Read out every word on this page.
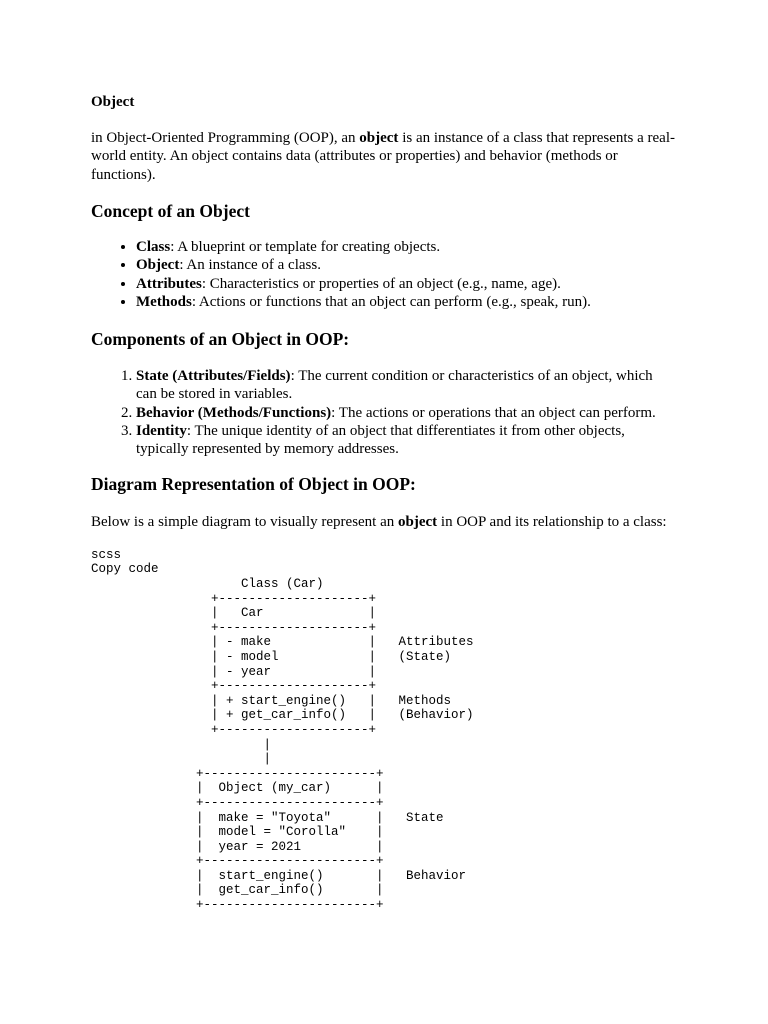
Object

in Object-Oriented Programming (OOP), an object is an instance of a class that represents a real-world entity. An object contains data (attributes or properties) and behavior (methods or functions).

Concept of an Object
• Class: A blueprint or template for creating objects.
• Object: An instance of a class.
• Attributes: Characteristics or properties of an object (e.g., name, age).
• Methods: Actions or functions that an object can perform (e.g., speak, run).
Components of an Object in OOP:
1. State (Attributes/Fields): The current condition or characteristics of an object, which can be stored in variables.
2. Behavior (Methods/Functions): The actions or operations that an object can perform.
3. Identity: The unique identity of an object that differentiates it from other objects, typically represented by memory addresses.
Diagram Representation of Object in OOP:

Below is a simple diagram to visually represent an object in OOP and its relationship to a class:

scss
Copy code
Class (Car)
+--------------------+
|   Car              |
+--------------------+
| - make             |   Attributes
| - model            |   (State)
| - year             |
+--------------------+
| + start_engine()   |   Methods
| + get_car_info()   |   (Behavior)
+--------------------+
|
|
+-----------------------+
|  Object (my_car)      |
+-----------------------+
|  make = "Toyota"      |   State
|  model = "Corolla"    |
|  year = 2021          |
+-----------------------+
|  start_engine()       |   Behavior
|  get_car_info()       |
+-----------------------+
